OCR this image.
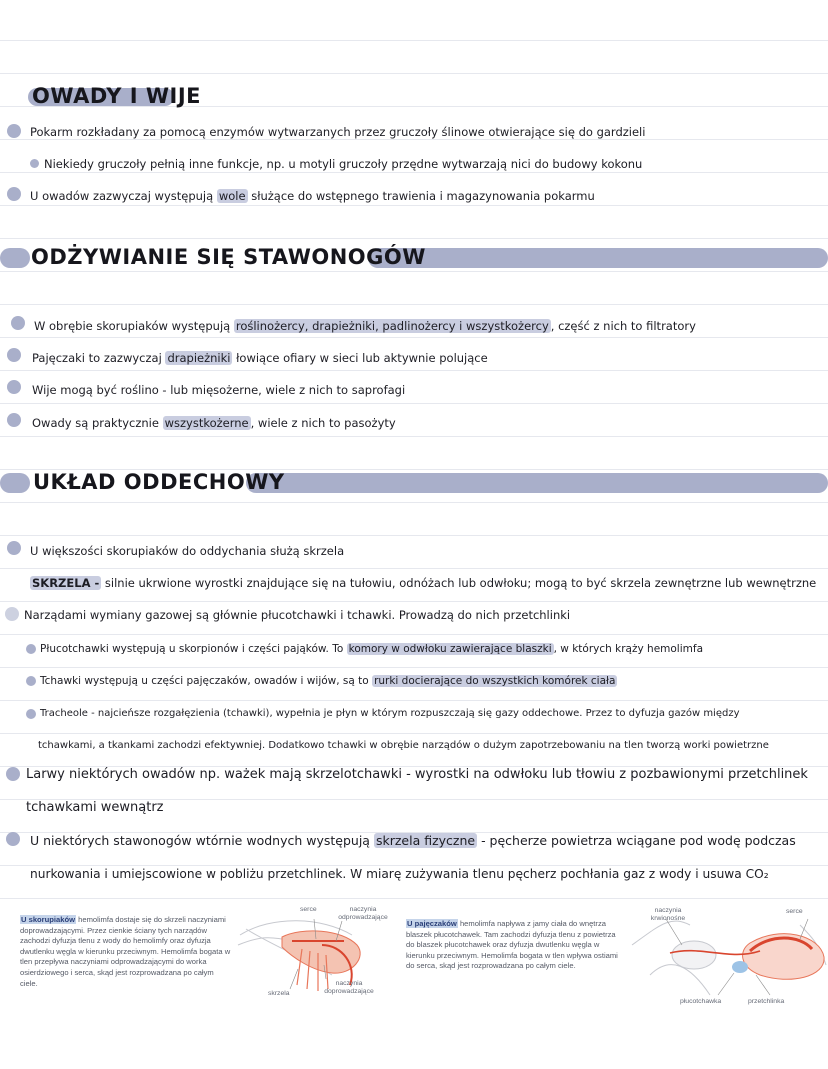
OWADY I WIJE
Pokarm rozkładany za pomocą enzymów wytwarzanych przez gruczoły ślinowe otwierające się do gardzieli
Niekiedy gruczoły pełnią inne funkcje, np. u motyli gruczoły przędne wytwarzają nici do budowy kokonu
U owadów zazwyczaj występują wole służące do wstępnego trawienia i magazynowania pokarmu
ODŻYWIANIE SIĘ STAWONOGÓW
W obrębie skorupiaków występują roślinożercy, drapieżniki, padlinożercy i wszystkożercy , część z nich to filtratory
Pajęczaki to zazwyczaj drapieżniki łowiące ofiary w sieci lub aktywnie polujące
Wije mogą być roślino - lub mięsożerne, wiele z nich to saprofagi
Owady są praktycznie wszystkożerne , wiele z nich to pasożyty
UKŁAD ODDECHOWY
U większości skorupiaków do oddychania służą skrzela
SKRZELA - silnie ukrwione wyrostki znajdujące się na tułowiu, odnóżach lub odwłoku; mogą to być skrzela zewnętrzne lub wewnętrzne
Narządami wymiany gazowej są głównie płucotchawki i tchawki. Prowadzą do nich przetchlinki
Płucotchawki występują u skorpionów i części pająków. To komory w odwłoku zawierające blaszki , w których krąży hemolimfa
Tchawki występują u części pajęczaków, owadów i wijów, są to rurki docierające do wszystkich komórek ciała
Tracheole - najcieńsze rozgałęzienia (tchawki), wypełnia je płyn w którym rozpuszczają się gazy oddechowe. Przez to dyfuzja gazów między
tchawkami, a tkankami zachodzi efektywniej. Dodatkowo tchawki w obrębie narządów o dużym zapotrzebowaniu na tlen tworzą worki powietrzne
Larwy niektórych owadów np. ważek mają skrzelotchawki - wyrostki na odwłoku lub tłowiu z pozbawionymi przetchlinek
tchawkami wewnątrz
U niektórych stawonogów wtórnie wodnych występują skrzela fizyczne - pęcherze powietrza wciągane pod wodę podczas
nurkowania i umiejscowione w pobliżu przetchlinek. W miarę zużywania tlenu pęcherz pochłania gaz z wody i usuwa CO₂
U skorupiaków hemolimfa dostaje się do skrzeli naczyniami doprowadzającymi. Przez cienkie ściany tych narządów zachodzi dyfuzja tlenu z wody do hemolimfy oraz dyfuzja dwutlenku węgla w kierunku przeciwnym. Hemolimfa bogata w tlen przepływa naczyniami odprowadzającymi do worka osierdziowego i serca, skąd jest rozprowadzana po całym ciele.
serce	naczynia odprowadzające
skrzela
naczynia doprowadzające
U pajęczaków hemolimfa napływa z jamy ciała do wnętrza blaszek płucotchawek. Tam zachodzi dyfuzja tlenu z powietrza do blaszek płucotchawek oraz dyfuzja dwutlenku węgla w kierunku przeciwnym. Hemolimfa bogata w tlen wpływa ostiami do serca, skąd jest rozprowadzana po całym ciele.
naczynia krwionośne
serce
płucotchawka	przetchlinka
